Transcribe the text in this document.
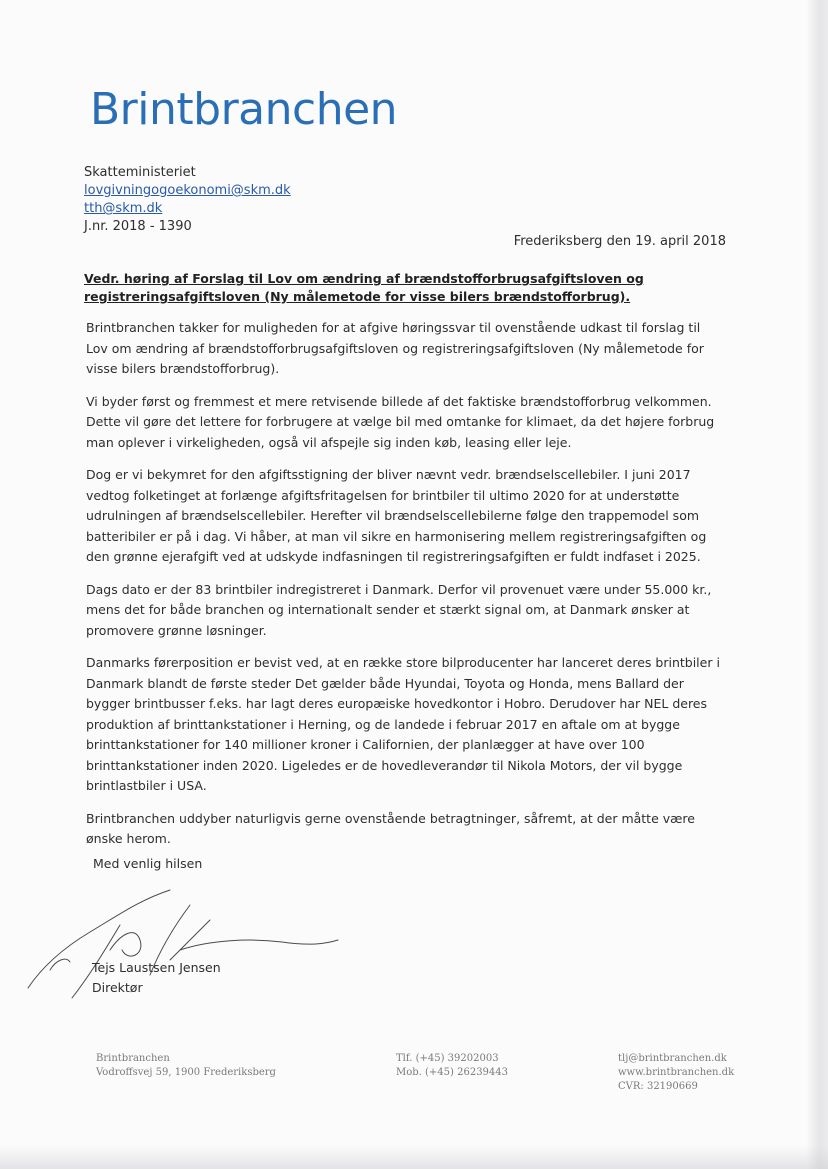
Brintbranchen
Skatteministeriet
lovgivningogoekonomi@skm.dk
tth@skm.dk
J.nr. 2018 - 1390
Frederiksberg den 19. april 2018
Vedr. høring af Forslag til Lov om ændring af brændstofforbrugsafgiftsloven og registreringsafgiftsloven (Ny målemetode for visse bilers brændstofforbrug).

Brintbranchen takker for muligheden for at afgive høringssvar til ovenstående udkast til forslag til Lov om ændring af brændstofforbrugsafgiftsloven og registreringsafgiftsloven (Ny målemetode for visse bilers brændstofforbrug).

Vi byder først og fremmest et mere retvisende billede af det faktiske brændstofforbrug velkommen. Dette vil gøre det lettere for forbrugere at vælge bil med omtanke for klimaet, da det højere forbrug man oplever i virkeligheden, også vil afspejle sig inden køb, leasing eller leje.

Dog er vi bekymret for den afgiftsstigning der bliver nævnt vedr. brændselscellebiler. I juni 2017 vedtog folketinget at forlænge afgiftsfritagelsen for brintbiler til ultimo 2020 for at understøtte udrulningen af brændselscellebiler. Herefter vil brændselscellebilerne følge den trappemodel som batteribiler er på i dag. Vi håber, at man vil sikre en harmonisering mellem registreringsafgiften og den grønne ejerafgift ved at udskyde indfasningen til registreringsafgiften er fuldt indfaset i 2025.

Dags dato er der 83 brintbiler indregistreret i Danmark. Derfor vil provenuet være under 55.000 kr., mens det for både branchen og internationalt sender et stærkt signal om, at Danmark ønsker at promovere grønne løsninger.

Danmarks førerposition er bevist ved, at en række store bilproducenter har lanceret deres brintbiler i Danmark blandt de første steder Det gælder både Hyundai, Toyota og Honda, mens Ballard der bygger brintbusser f.eks. har lagt deres europæiske hovedkontor i Hobro. Derudover har NEL deres produktion af brinttankstationer i Herning, og de landede i februar 2017 en aftale om at bygge brinttankstationer for 140 millioner kroner i Californien, der planlægger at have over 100 brinttankstationer inden 2020. Ligeledes er de hovedleverandør til Nikola Motors, der vil bygge brintlastbiler i USA.

Brintbranchen uddyber naturligvis gerne ovenstående betragtninger, såfremt, at der måtte være ønske herom.

Med venlig hilsen
Tejs Laustsen Jensen
Direktør
Brintbranchen
Vodroffsvej 59, 1900 Frederiksberg
Tlf. (+45) 39202003
Mob. (+45) 26239443
tlj@brintbranchen.dk
www.brintbranchen.dk
CVR: 32190669
